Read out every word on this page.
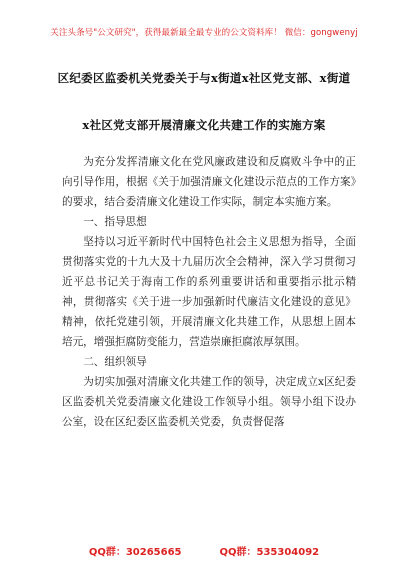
关注头条号"公文研究"，获得最新最全最专业的公文资料库！ 微信：gongwenyj
区纪委区监委机关党委关于与x街道x社区党支部、x街道
x社区党支部开展清廉文化共建工作的实施方案

为充分发挥清廉文化在党风廉政建设和反腐败斗争中的正向引导作用，根据《关于加强清廉文化建设示范点的工作方案》的要求，结合委清廉文化建设工作实际，制定本实施方案。

一、指导思想

坚持以习近平新时代中国特色社会主义思想为指导，全面贯彻落实党的十九大及十九届历次全会精神，深入学习贯彻习近平总书记关于海南工作的系列重要讲话和重要指示批示精神，贯彻落实《关于进一步加强新时代廉洁文化建设的意见》精神，依托党建引领，开展清廉文化共建工作，从思想上固本培元，增强拒腐防变能力，营造崇廉拒腐浓厚氛围。

二、组织领导

为切实加强对清廉文化共建工作的领导，决定成立x区纪委区监委机关党委清廉文化建设工作领导小组。领导小组下设办公室，设在区纪委区监委机关党委，负责督促落

QQ群：30265665	QQ群：535304092
